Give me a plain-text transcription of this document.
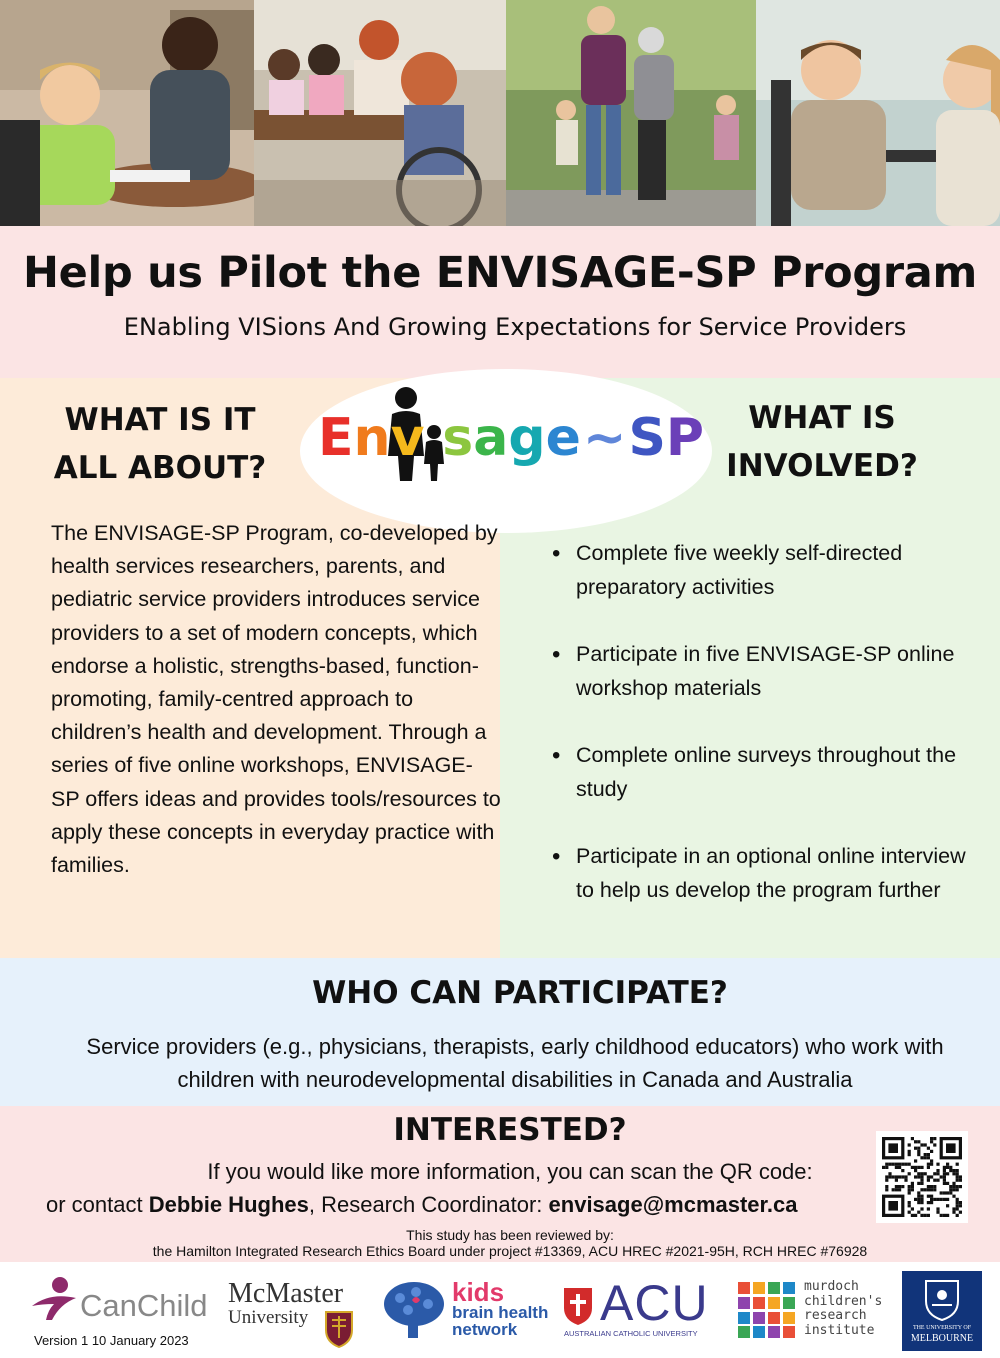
Help us Pilot the ENVISAGE-SP Program
ENabling VISions And Growing Expectations for Service Providers
WHAT IS IT
ALL ABOUT?
WHAT IS
INVOLVED?
Env sage~SP

The ENVISAGE-SP Program, co-developed by health services researchers, parents, and pediatric service providers introduces service providers to a set of modern concepts, which endorse a holistic, strengths-based, function-promoting, family-centred approach to children’s health and development. Through a series of five online workshops, ENVISAGE-SP offers ideas and provides tools/resources to apply these concepts in everyday practice with families.

• Complete five weekly self-directed preparatory activities
• Participate in five ENVISAGE-SP online workshop materials
• Complete online surveys throughout the study
• Participate in an optional online interview to help us develop the program further
WHO CAN PARTICIPATE?

Service providers (e.g., physicians, therapists, early childhood educators) who work with children with neurodevelopmental disabilities in Canada and Australia

INTERESTED?

If you would like more information, you can scan the QR code:

or contact Debbie Hughes, Research Coordinator: envisage@mcmaster.ca

This study has been reviewed by:
the Hamilton Integrated Research Ethics Board under project #13369, ACU HREC #2021-95H, RCH HREC #76928
CanChild McMaster
University
kids
brain health
network ACU
AUSTRALIAN CATHOLIC UNIVERSITY
murdoch
children's
research
institute	THE UNIVERSITY OF
MELBOURNE
Version 1 10 January 2023
